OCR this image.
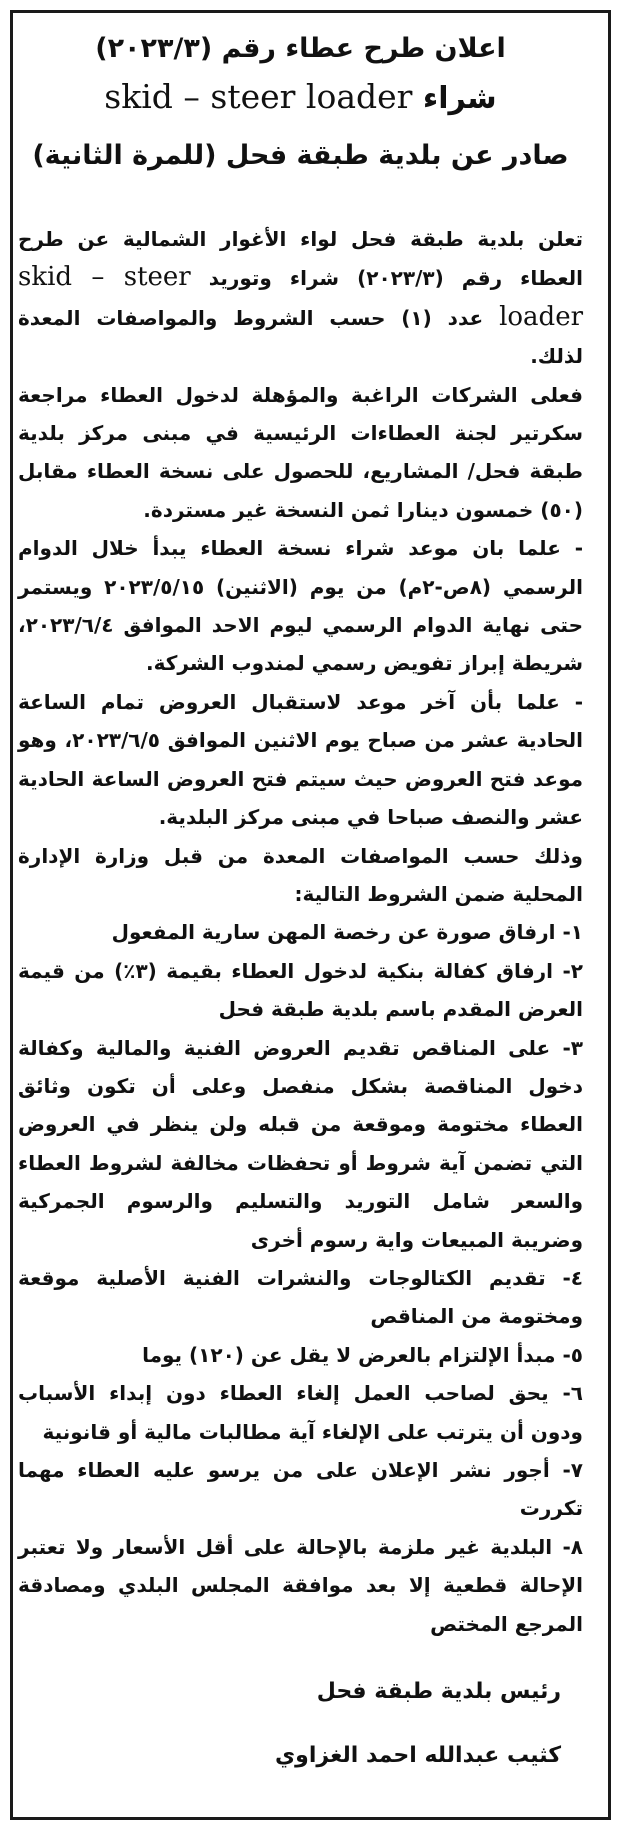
اعلان طرح عطاء رقم (٢٠٢٣/٣)
شراء skid – steer loader
صادر عن بلدية طبقة فحل (للمرة الثانية)

تعلن بلدية طبقة فحل لواء الأغوار الشمالية عن طرح العطاء رقم (٢٠٢٣/٣) شراء وتوريد skid – steer loader عدد (١) حسب الشروط والمواصفات المعدة لذلك.

فعلى الشركات الراغبة والمؤهلة لدخول العطاء مراجعة سكرتير لجنة العطاءات الرئيسية في مبنى مركز بلدية طبقة فحل/ المشاريع، للحصول على نسخة العطاء مقابل (٥٠) خمسون دينارا ثمن النسخة غير مستردة.

- علما بان موعد شراء نسخة العطاء يبدأ خلال الدوام الرسمي (٨ص-٢م) من يوم (الاثنين) ٢٠٢٣/٥/١٥ ويستمر حتى نهاية الدوام الرسمي ليوم الاحد الموافق ٢٠٢٣/٦/٤، شريطة إبراز تفويض رسمي لمندوب الشركة.

- علما بأن آخر موعد لاستقبال العروض تمام الساعة الحادية عشر من صباح يوم الاثنين الموافق ٢٠٢٣/٦/٥، وهو موعد فتح العروض حيث سيتم فتح العروض الساعة الحادية عشر والنصف صباحا في مبنى مركز البلدية.

وذلك حسب المواصفات المعدة من قبل وزارة الإدارة المحلية ضمن الشروط التالية:

١- ارفاق صورة عن رخصة المهن سارية المفعول

٢- ارفاق كفالة بنكية لدخول العطاء بقيمة (٣٪) من قيمة العرض المقدم باسم بلدية طبقة فحل

٣- على المناقص تقديم العروض الفنية والمالية وكفالة دخول المناقصة بشكل منفصل وعلى أن تكون وثائق العطاء مختومة وموقعة من قبله ولن ينظر في العروض التي تضمن آية شروط أو تحفظات مخالفة لشروط العطاء والسعر شامل التوريد والتسليم والرسوم الجمركية وضريبة المبيعات واية رسوم أخرى

٤- تقديم الكتالوجات والنشرات الفنية الأصلية موقعة ومختومة من المناقص

٥- مبدأ الإلتزام بالعرض لا يقل عن (١٢٠) يوما

٦- يحق لصاحب العمل إلغاء العطاء دون إبداء الأسباب ودون أن يترتب على الإلغاء آية مطالبات مالية أو قانونية

٧- أجور نشر الإعلان على من يرسو عليه العطاء مهما تكررت

٨- البلدية غير ملزمة بالإحالة على أقل الأسعار ولا تعتبر الإحالة قطعية إلا بعد موافقة المجلس البلدي ومصادقة المرجع المختص

رئيس بلدية طبقة فحل
كثيب عبدالله احمد الغزاوي
